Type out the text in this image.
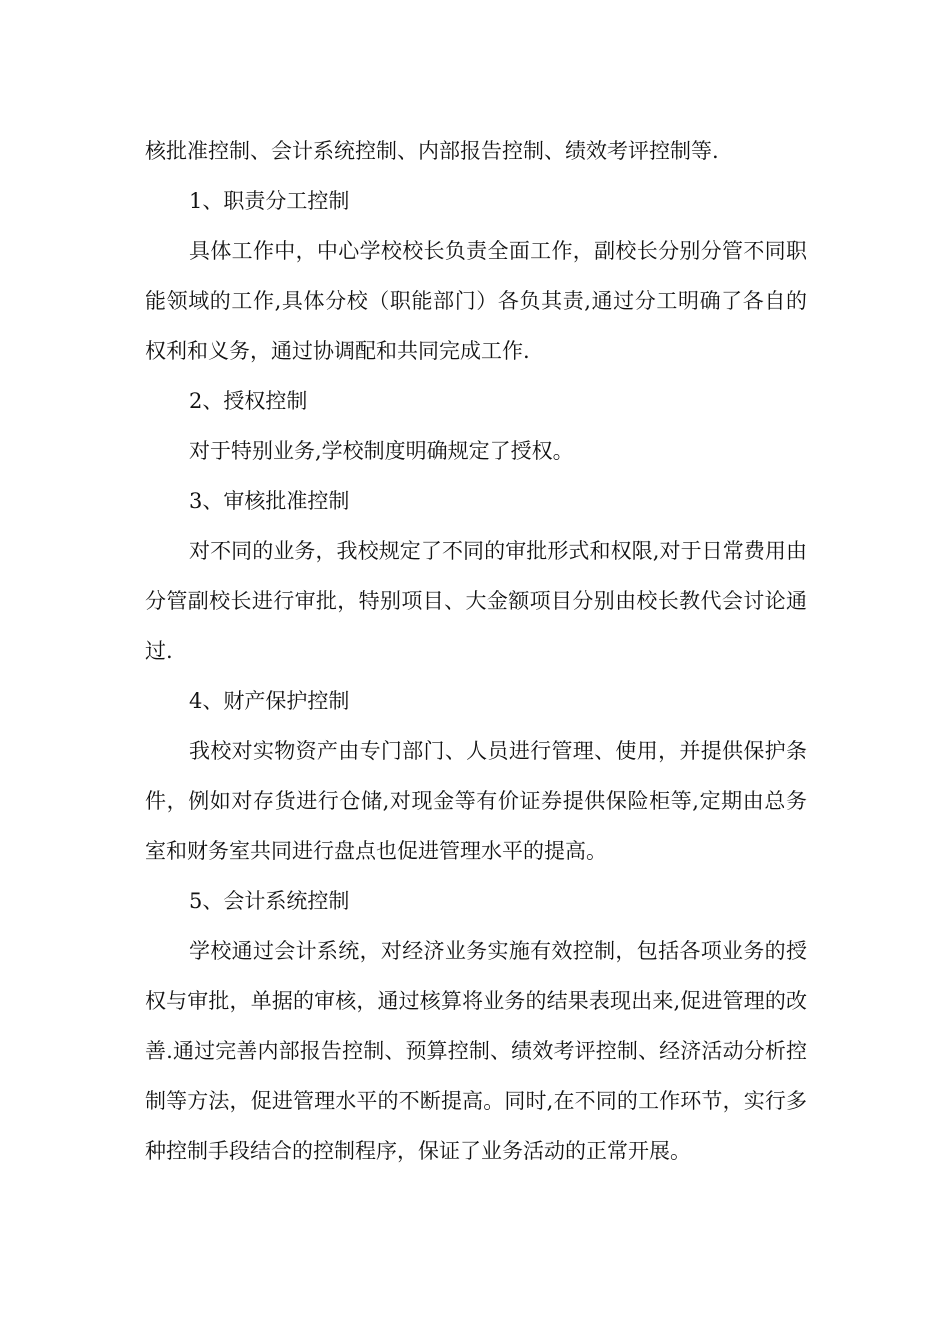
核批准控制、会计系统控制、内部报告控制、绩效考评控制等.

1、职责分工控制

具体工作中，中心学校校长负责全面工作，副校长分别分管不同职能领域的工作,具体分校（职能部门）各负其责,通过分工明确了各自的权利和义务，通过协调配和共同完成工作.

2、授权控制

对于特别业务,学校制度明确规定了授权。

3、审核批准控制

对不同的业务，我校规定了不同的审批形式和权限,对于日常费用由分管副校长进行审批，特别项目、大金额项目分别由校长教代会讨论通过.

4、财产保护控制

我校对实物资产由专门部门、人员进行管理、使用，并提供保护条件，例如对存货进行仓储,对现金等有价证券提供保险柜等,定期由总务室和财务室共同进行盘点也促进管理水平的提高。

5、会计系统控制

学校通过会计系统，对经济业务实施有效控制，包括各项业务的授权与审批，单据的审核，通过核算将业务的结果表现出来,促进管理的改善.通过完善内部报告控制、预算控制、绩效考评控制、经济活动分析控制等方法，促进管理水平的不断提高。同时,在不同的工作环节，实行多种控制手段结合的控制程序，保证了业务活动的正常开展。
